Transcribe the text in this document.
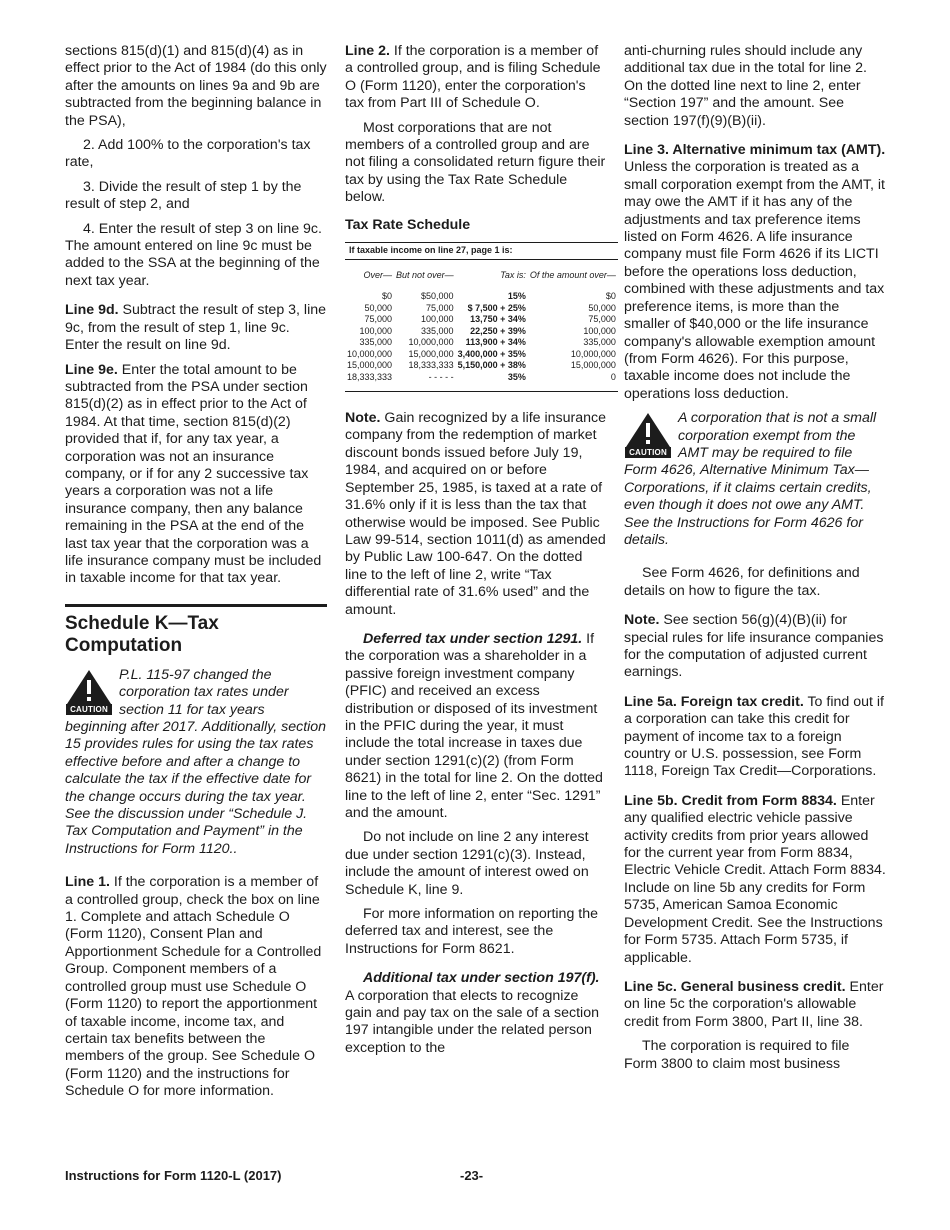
sections 815(d)(1) and 815(d)(4) as in effect prior to the Act of 1984 (do this only after the amounts on lines 9a and 9b are subtracted from the beginning balance in the PSA),

2. Add 100% to the corporation's tax rate,

3. Divide the result of step 1 by the result of step 2, and

4. Enter the result of step 3 on line 9c. The amount entered on line 9c must be added to the SSA at the beginning of the next tax year.

Line 9d. Subtract the result of step 3, line 9c, from the result of step 1, line 9c. Enter the result on line 9d.

Line 9e. Enter the total amount to be subtracted from the PSA under section 815(d)(2) as in effect prior to the Act of 1984. At that time, section 815(d)(2) provided that if, for any tax year, a corporation was not an insurance company, or if for any 2 successive tax years a corporation was not a life insurance company, then any balance remaining in the PSA at the end of the last tax year that the corporation was a life insurance company must be included in taxable income for that tax year.

Schedule K—Tax Computation
CAUTION
P.L. 115-97 changed the corporation tax rates under section 11 for tax years beginning after 2017. Additionally, section 15 provides rules for using the tax rates effective before and after a change to calculate the tax if the effective date for the change occurs during the tax year. See the discussion under “Schedule J. Tax Computation and Payment” in the Instructions for Form 1120..

Line 1. If the corporation is a member of a controlled group, check the box on line 1. Complete and attach Schedule O (Form 1120), Consent Plan and Apportionment Schedule for a Controlled Group. Component members of a controlled group must use Schedule O (Form 1120) to report the apportionment of taxable income, income tax, and certain tax benefits between the members of the group. See Schedule O (Form 1120) and the instructions for Schedule O for more information.

Line 2. If the corporation is a member of a controlled group, and is filing Schedule O (Form 1120), enter the corporation's tax from Part III of Schedule O.

Most corporations that are not members of a controlled group and are not filing a consolidated return figure their tax by using the Tax Rate Schedule below.

Tax Rate Schedule
If taxable income on line 27, page 1 is:			
Over—	But not over—	Tax is:	Of the amount over—
$0	$50,000	15%	$0
50,000	75,000	$ 7,500 + 25%	50,000
75,000	100,000	13,750 + 34%	75,000
100,000	335,000	22,250 + 39%	100,000
335,000	10,000,000	113,900 + 34%	335,000
10,000,000	15,000,000	3,400,000 + 35%	10,000,000
15,000,000	18,333,333	5,150,000 + 38%	15,000,000
18,333,333	- - - - -	35%	0

Note. Gain recognized by a life insurance company from the redemption of market discount bonds issued before July 19, 1984, and acquired on or before September 25, 1985, is taxed at a rate of 31.6% only if it is less than the tax that otherwise would be imposed. See Public Law 99-514, section 1011(d) as amended by Public Law 100-647. On the dotted line to the left of line 2, write “Tax differential rate of 31.6% used” and the amount.

Deferred tax under section 1291. If the corporation was a shareholder in a passive foreign investment company (PFIC) and received an excess distribution or disposed of its investment in the PFIC during the year, it must include the total increase in taxes due under section 1291(c)(2) (from Form 8621) in the total for line 2. On the dotted line to the left of line 2, enter “Sec. 1291” and the amount.

Do not include on line 2 any interest due under section 1291(c)(3). Instead, include the amount of interest owed on Schedule K, line 9.

For more information on reporting the deferred tax and interest, see the Instructions for Form 8621.

Additional tax under section 197(f). A corporation that elects to recognize gain and pay tax on the sale of a section 197 intangible under the related person exception to the

anti-churning rules should include any additional tax due in the total for line 2. On the dotted line next to line 2, enter “Section 197” and the amount. See section 197(f)(9)(B)(ii).

Line 3. Alternative minimum tax (AMT). Unless the corporation is treated as a small corporation exempt from the AMT, it may owe the AMT if it has any of the adjustments and tax preference items listed on Form 4626. A life insurance company must file Form 4626 if its LICTI before the operations loss deduction, combined with these adjustments and tax preference items, is more than the smaller of $40,000 or the life insurance company's allowable exemption amount (from Form 4626). For this purpose, taxable income does not include the operations loss deduction.

CAUTION
A corporation that is not a small corporation exempt from the AMT may be required to file Form 4626, Alternative Minimum Tax—Corporations, if it claims certain credits, even though it does not owe any AMT. See the Instructions for Form 4626 for details.

See Form 4626, for definitions and details on how to figure the tax.

Note. See section 56(g)(4)(B)(ii) for special rules for life insurance companies for the computation of adjusted current earnings.

Line 5a. Foreign tax credit. To find out if a corporation can take this credit for payment of income tax to a foreign country or U.S. possession, see Form 1118, Foreign Tax Credit—Corporations.

Line 5b. Credit from Form 8834. Enter any qualified electric vehicle passive activity credits from prior years allowed for the current year from Form 8834, Electric Vehicle Credit. Attach Form 8834. Include on line 5b any credits for Form 5735, American Samoa Economic Development Credit. See the Instructions for Form 5735. Attach Form 5735, if applicable.

Line 5c. General business credit. Enter on line 5c the corporation's allowable credit from Form 3800, Part II, line 38.

The corporation is required to file Form 3800 to claim most business

Instructions for Form 1120-L (2017)	-23-
